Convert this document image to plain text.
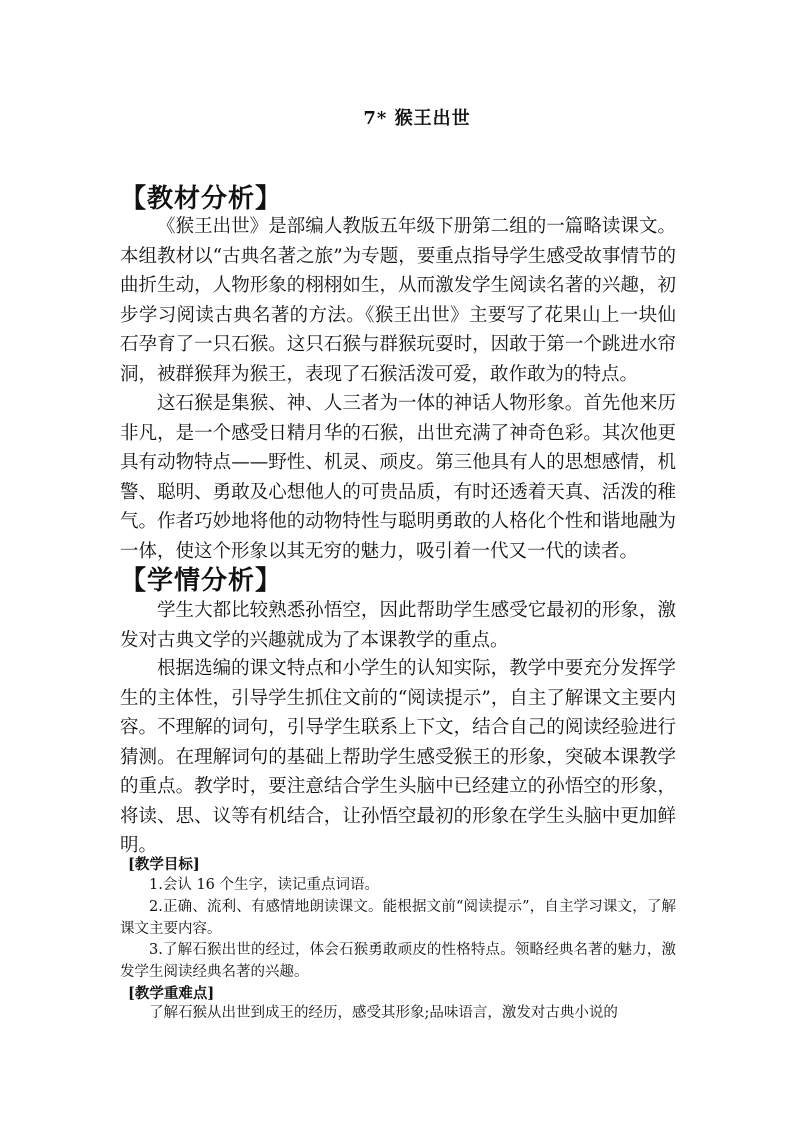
7* 猴王出世
【教材分析】

《猴王出世》是部编人教版五年级下册第二组的一篇略读课文。本组教材以“古典名著之旅”为专题，要重点指导学生感受故事情节的曲折生动，人物形象的栩栩如生，从而激发学生阅读名著的兴趣，初步学习阅读古典名著的方法。《猴王出世》主要写了花果山上一块仙石孕育了一只石猴。这只石猴与群猴玩耍时，因敢于第一个跳进水帘洞，被群猴拜为猴王，表现了石猴活泼可爱，敢作敢为的特点。

这石猴是集猴、神、人三者为一体的神话人物形象。首先他来历非凡，是一个感受日精月华的石猴，出世充满了神奇色彩。其次他更具有动物特点——野性、机灵、顽皮。第三他具有人的思想感情，机警、聪明、勇敢及心想他人的可贵品质，有时还透着天真、活泼的稚气。作者巧妙地将他的动物特性与聪明勇敢的人格化个性和谐地融为一体，使这个形象以其无穷的魅力，吸引着一代又一代的读者。

【学情分析】

学生大都比较熟悉孙悟空，因此帮助学生感受它最初的形象，激发对古典文学的兴趣就成为了本课教学的重点。

根据选编的课文特点和小学生的认知实际，教学中要充分发挥学生的主体性，引导学生抓住文前的“阅读提示”，自主了解课文主要内容。不理解的词句，引导学生联系上下文，结合自己的阅读经验进行猜测。在理解词句的基础上帮助学生感受猴王的形象，突破本课教学的重点。教学时，要注意结合学生头脑中已经建立的孙悟空的形象，将读、思、议等有机结合，让孙悟空最初的形象在学生头脑中更加鲜明。

[教学目标]

1.会认 16 个生字，读记重点词语。

2.正确、流利、有感情地朗读课文。能根据文前“阅读提示”，自主学习课文，了解课文主要内容。

3.了解石猴出世的经过，体会石猴勇敢顽皮的性格特点。领略经典名著的魅力，激发学生阅读经典名著的兴趣。

[教学重难点]

了解石猴从出世到成王的经历，感受其形象;品味语言，激发对古典小说的
